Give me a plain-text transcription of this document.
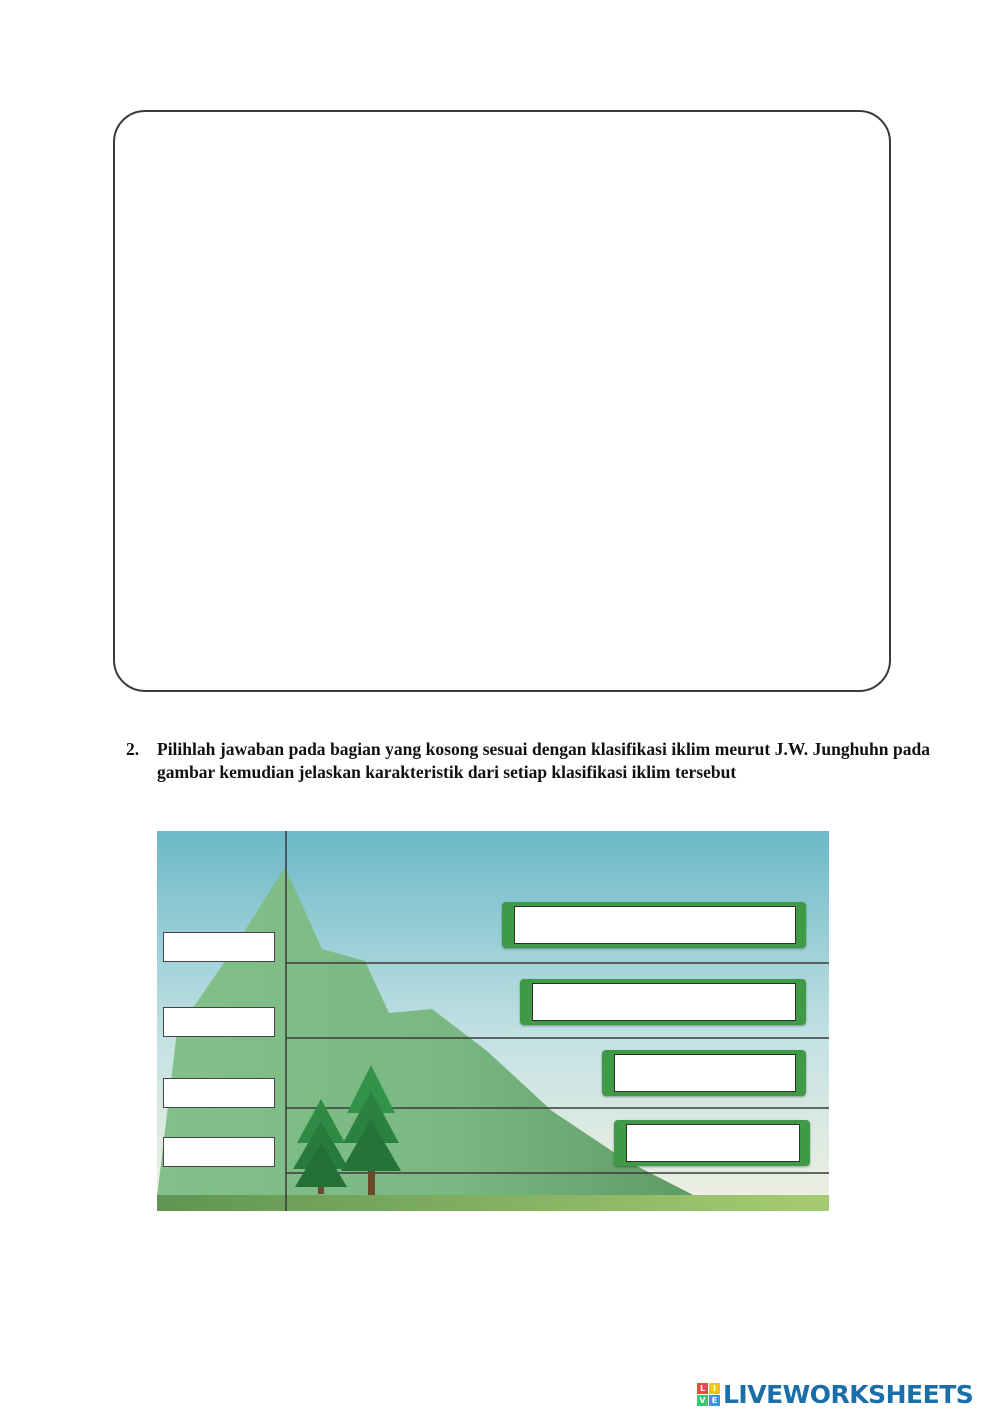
2. Pilihlah jawaban pada bagian yang kosong sesuai dengan klasifikasi iklim meurut J.W. Junghuhn pada gambar kemudian jelaskan karakteristik dari setiap klasifikasi iklim tersebut
L I
V E LIVEWORKSHEETS
